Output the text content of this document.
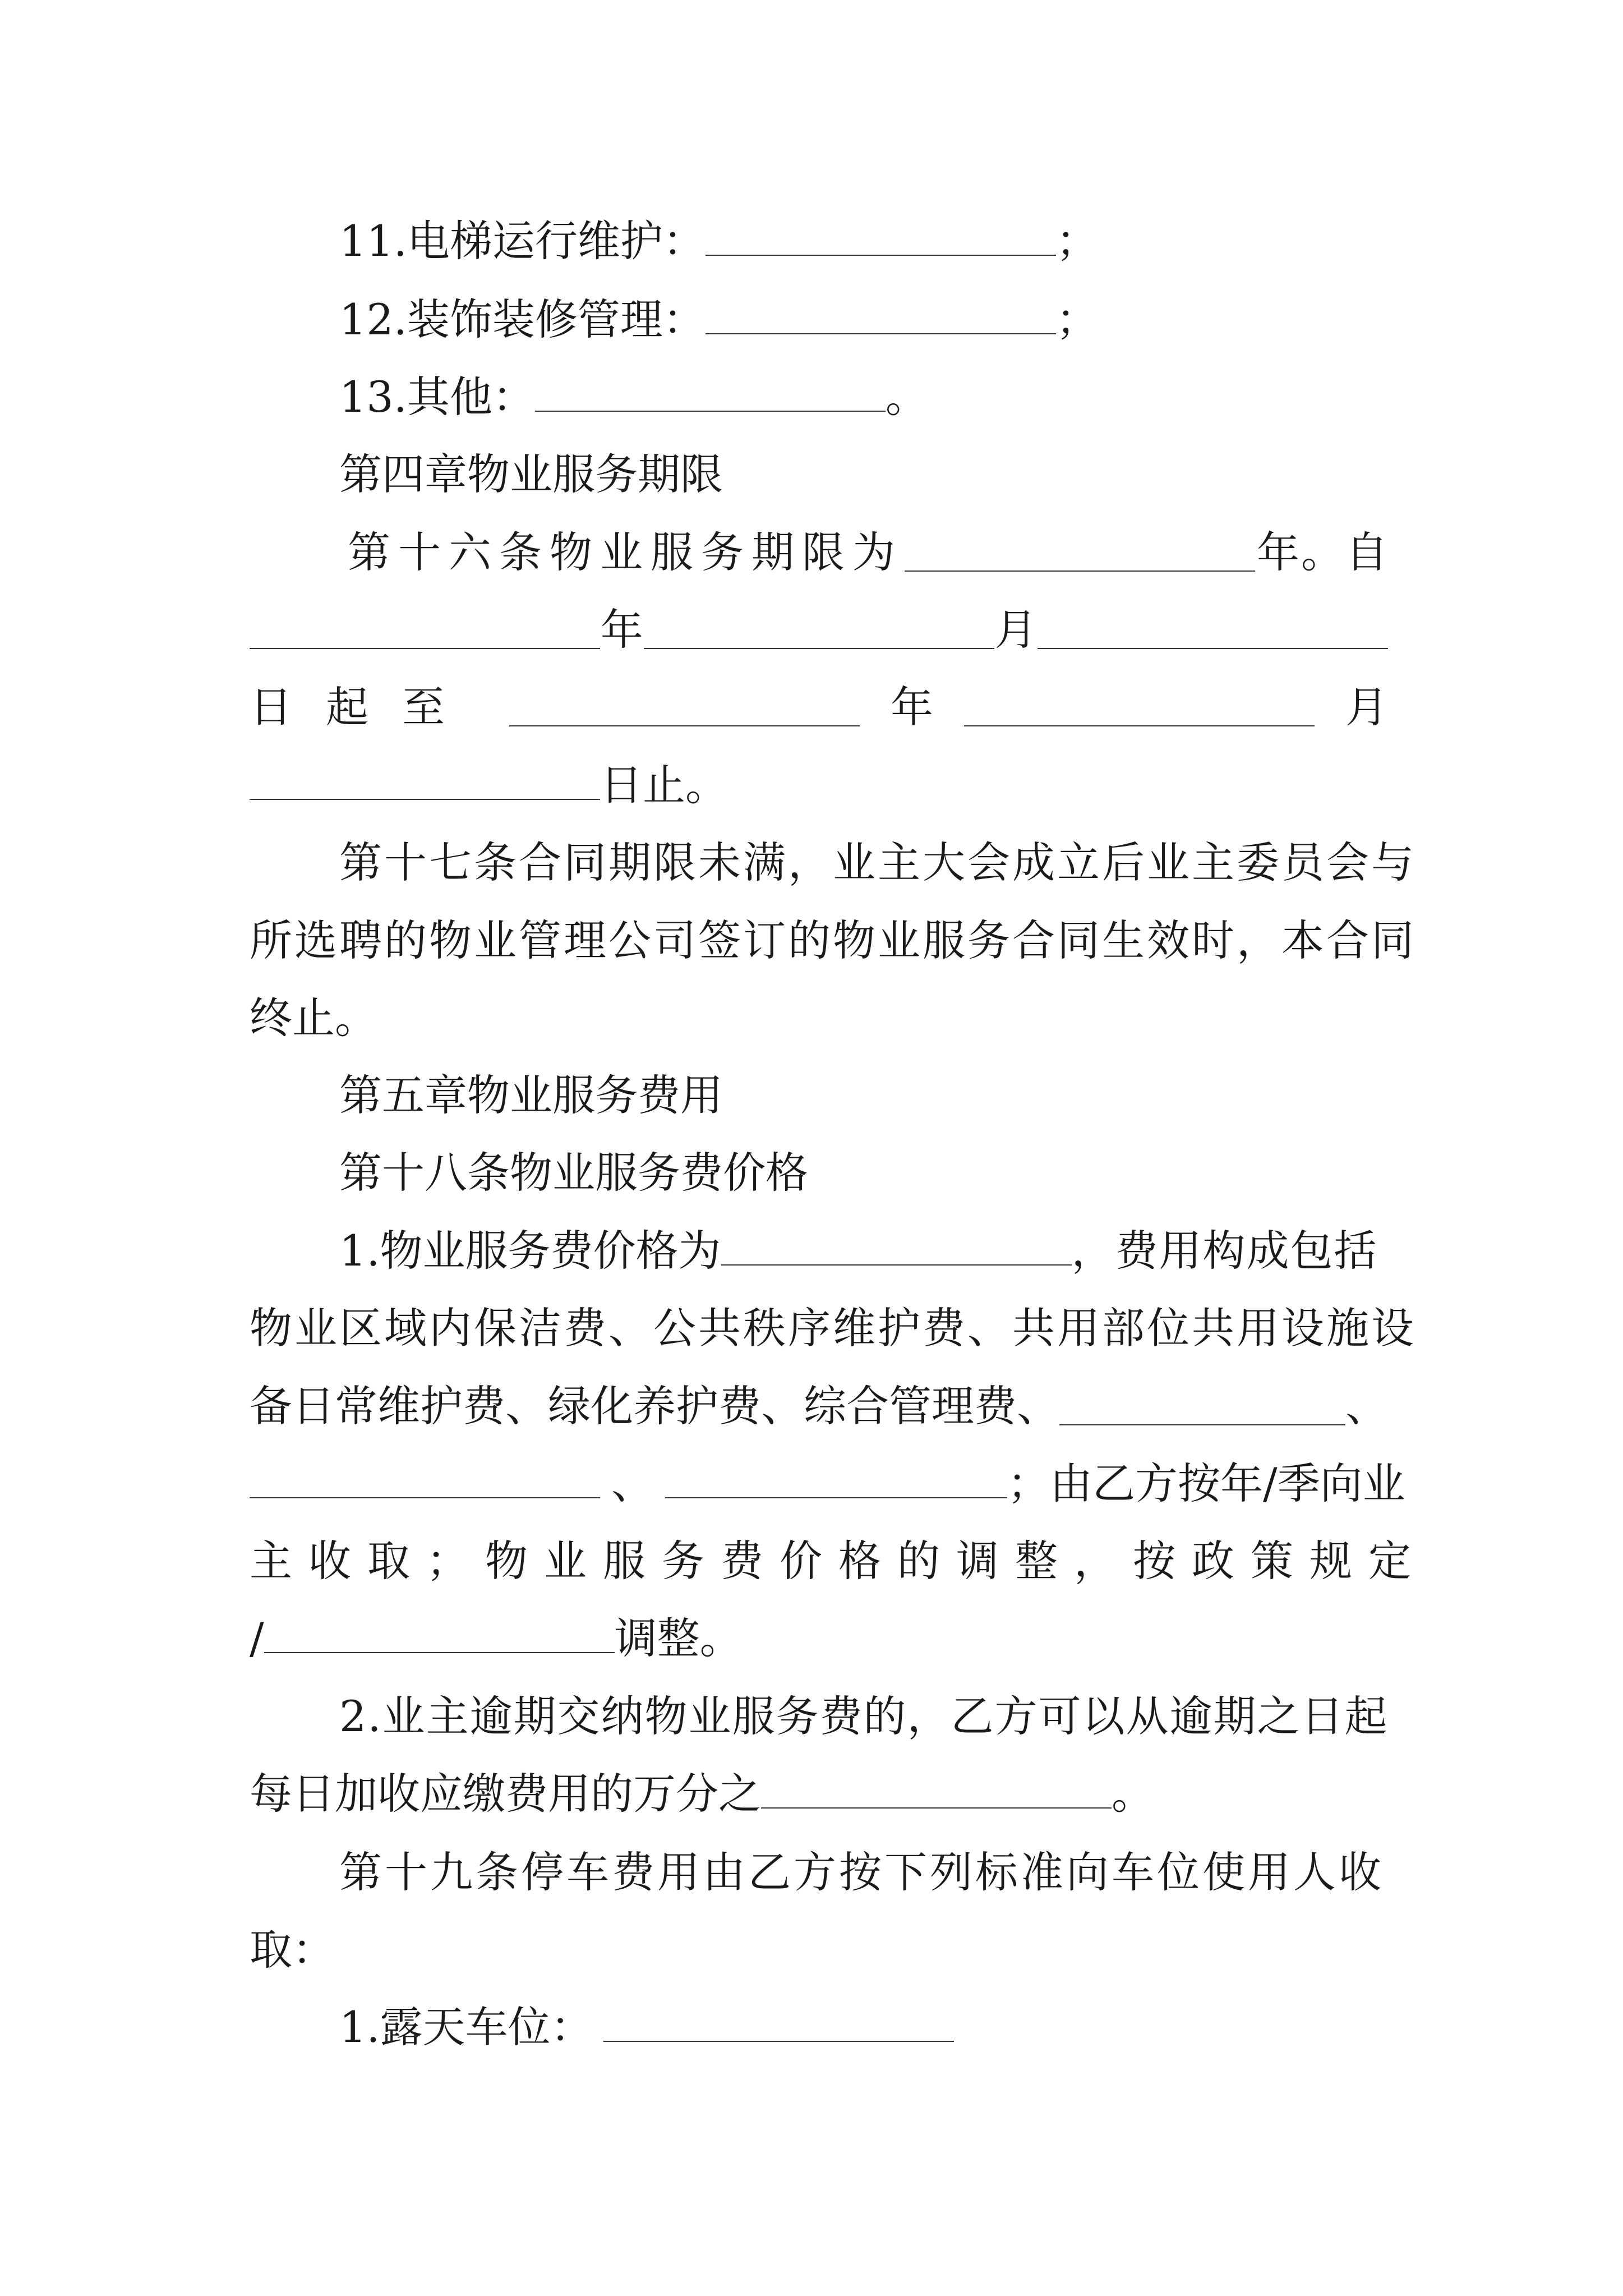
11.电梯运行维护：	；
12.装饰装修管理：	；
13.其他：	。
第四章物业服务期限
第十六条物业服务期限为	年 。 自
年	月
日起至	年	月
日止。
第十七条合同期限未满，业主大会成立后业主委员会与
所选聘的物业管理公司签订的物业服务合同生效时，本合同
终止。
第五章物业服务费用
第十八条物业服务费价格
1.物业服务费价格为	，费用构成包括
物业区域内保洁费、公共秩序维护费、共用部位共用设施设
备日常维护费、绿化养护费、综合管理费、	、
、	；由乙方按年/季向业
主收取；物业服务费价格的调整，按政策规定
/	调整。
2.业主逾期交纳物业服务费的，乙方可以从逾期之日起
每日加收应缴费用的万分之	。
第十九条停车费用由乙方按下列标准向车位使用人收
取：
1.露天车位：
